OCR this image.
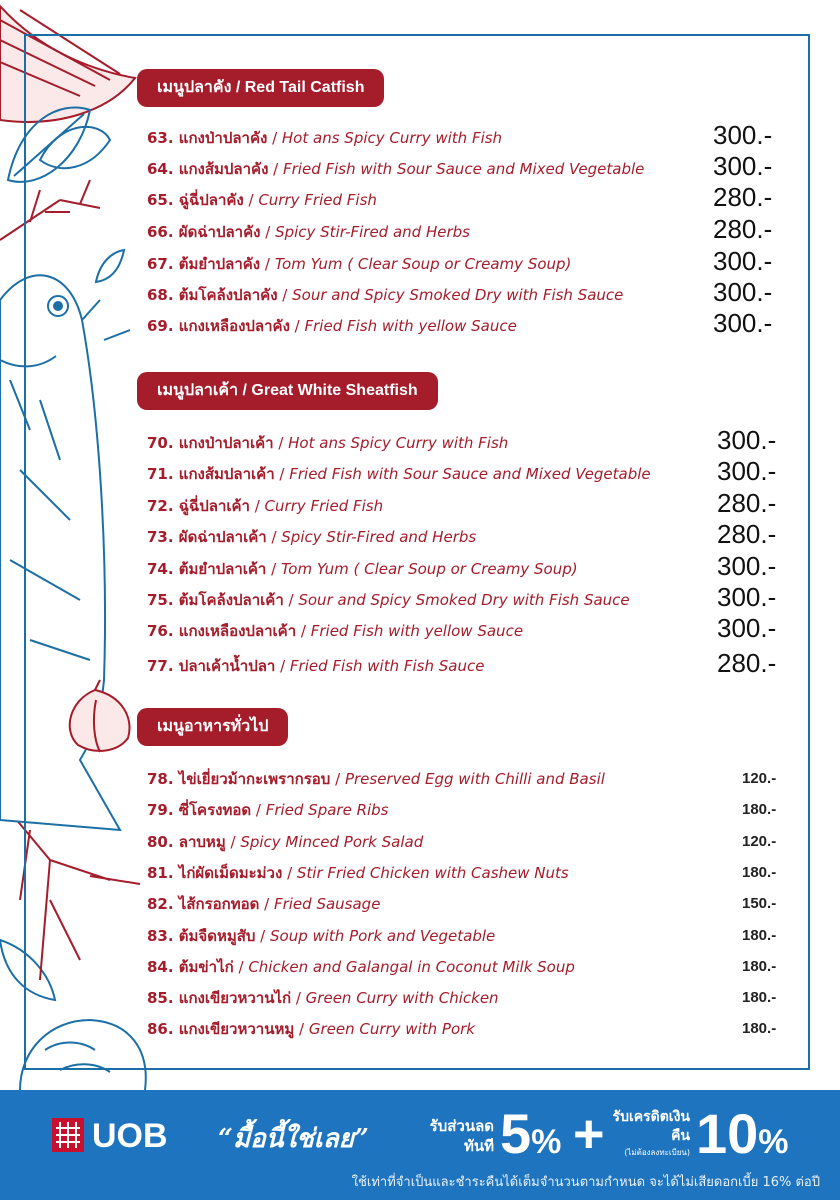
เมนูปลาคัง / Red Tail Catfish
63. แกงป่าปลาคัง / Hot ans Spicy Curry with Fish	300.-
64. แกงส้มปลาคัง / Fried Fish with Sour Sauce and Mixed Vegetable	300.-
65. ฉู่ฉี่ปลาคัง / Curry Fried Fish	280.-
66. ผัดฉ่าปลาคัง / Spicy Stir-Fired and Herbs	280.-
67. ต้มยำปลาคัง / Tom Yum ( Clear Soup or Creamy Soup)	300.-
68. ต้มโคล้งปลาคัง / Sour and Spicy Smoked Dry with Fish Sauce	300.-
69. แกงเหลืองปลาคัง / Fried Fish with yellow Sauce	300.-
เมนูปลาเค้า / Great White Sheatfish
70. แกงป่าปลาเค้า / Hot ans Spicy Curry with Fish	300.-
71. แกงส้มปลาเค้า / Fried Fish with Sour Sauce and Mixed Vegetable	300.-
72. ฉู่ฉี่ปลาเค้า / Curry Fried Fish	280.-
73. ผัดฉ่าปลาเค้า / Spicy Stir-Fired and Herbs	280.-
74. ต้มยำปลาเค้า / Tom Yum ( Clear Soup or Creamy Soup)	300.-
75. ต้มโคล้งปลาเค้า / Sour and Spicy Smoked Dry with Fish Sauce	300.-
76. แกงเหลืองปลาเค้า / Fried Fish with yellow Sauce	300.-
77. ปลาเค้าน้ำปลา / Fried Fish with Fish Sauce	280.-
เมนูอาหารทั่วไป
78. ไข่เยี่ยวม้ากะเพรากรอบ / Preserved Egg with Chilli and Basil	120.-
79. ซี่โครงทอด / Fried Spare Ribs	180.-
80. ลาบหมู / Spicy Minced Pork Salad	120.-
81. ไก่ผัดเม็ดมะม่วง / Stir Fried Chicken with Cashew Nuts	180.-
82. ไส้กรอกทอด / Fried Sausage	150.-
83. ต้มจืดหมูสับ / Soup with Pork and Vegetable	180.-
84. ต้มข่าไก่ / Chicken and Galangal in Coconut Milk Soup	180.-
85. แกงเขียวหวานไก่ / Green Curry with Chicken	180.-
86. แกงเขียวหวานหมู / Green Curry with Pork	180.-
UOB “มื้อนี้ใช่เลย”	รับส่วนลดทันที 5% + รับเครดิตเงินคืน
(ไม่ต้องลงทะเบียน) 10%
ใช้เท่าที่จำเป็นและชำระคืนได้เต็มจำนวนตามกำหนด จะได้ไม่เสียดอกเบี้ย 16% ต่อปี
